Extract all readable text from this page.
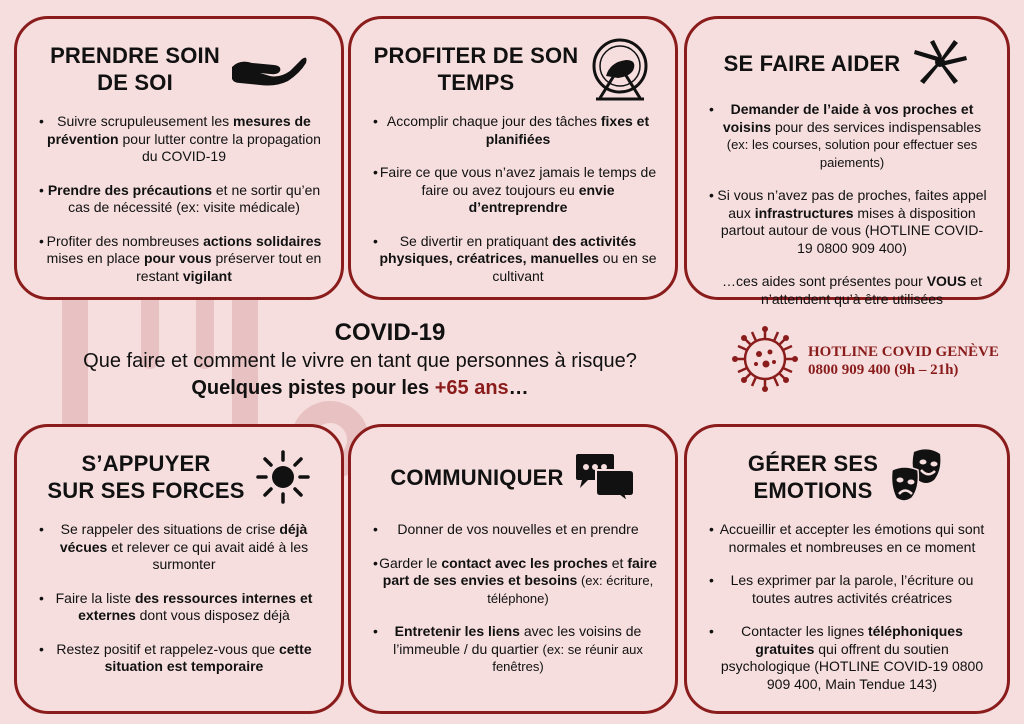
PRENDRE SOIN
DE SOI
• Suivre scrupuleusement les mesures de prévention pour lutter contre la propagation du COVID-19
• Prendre des précautions et ne sortir qu’en cas de nécessité (ex: visite médicale)
• Profiter des nombreuses actions solidaires mises en place pour vous préserver tout en restant vigilant
PROFITER DE SON
TEMPS
• Accomplir chaque jour des tâches fixes et planifiées
• Faire ce que vous n’avez jamais le temps de faire ou avez toujours eu envie d’entreprendre
• Se divertir en pratiquant des activités physiques, créatrices, manuelles ou en se cultivant
SE FAIRE AIDER
• Demander de l’aide à vos proches et voisins pour des services indispensables (ex: les courses, solution pour effectuer ses paiements)
• Si vous n’avez pas de proches, faites appel aux infrastructures mises à disposition partout autour de vous (HOTLINE COVID-19 0800 909 400)
…ces aides sont présentes pour VOUS et n’attendent qu’à être utilisées
COVID-19
Que faire et comment le vivre en tant que personnes à risque?
Quelques pistes pour les +65 ans…
HOTLINE COVID GENÈVE
0800 909 400 (9h – 21h)
S’APPUYER
SUR SES FORCES
• Se rappeler des situations de crise déjà vécues et relever ce qui avait aidé à les surmonter
• Faire la liste des ressources internes et externes dont vous disposez déjà
• Restez positif et rappelez-vous que cette situation est temporaire
COMMUNIQUER
• Donner de vos nouvelles et en prendre
• Garder le contact avec les proches et faire part de ses envies et besoins (ex: écriture, téléphone)
• Entretenir les liens avec les voisins de l’immeuble / du quartier (ex: se réunir aux fenêtres)
GÉRER SES
EMOTIONS
• Accueillir et accepter les émotions qui sont normales et nombreuses en ce moment
• Les exprimer par la parole, l’écriture ou toutes autres activités créatrices
• Contacter les lignes téléphoniques gratuites qui offrent du soutien psychologique (HOTLINE COVID-19 0800 909 400, Main Tendue 143)
